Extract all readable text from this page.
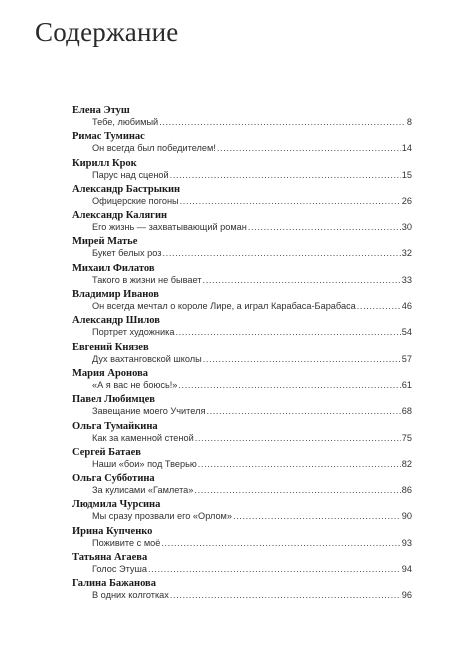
Содержание
Елена Этуш
Тебе, любимый .....	8
Римас Туминас
Он всегда был победителем! .....	14
Кирилл Крок
Парус над сценой .....	15
Александр Бастрыкин
Офицерские погоны .....	26
Александр Калягин
Его жизнь — захватывающий роман .....	30
Мирей Матье
Букет белых роз .....	32
Михаил Филатов
Такого в жизни не бывает .....	33
Владимир Иванов
Он всегда мечтал о короле Лире, а играл Карабаса-Барабаса .....	46
Александр Шилов
Портрет художника .....	54
Евгений Князев
Дух вахтанговской школы .....	57
Мария Аронова
«А я вас не боюсь!» .....	61
Павел Любимцев
Завещание моего Учителя .....	68
Ольга Тумайкина
Как за каменной стеной .....	75
Сергей Батаев
Наши «бои» под Тверью .....	82
Ольга Субботина
За кулисами «Гамлета» .....	86
Людмила Чурсина
Мы сразу прозвали его «Орлом» .....	90
Ирина Купченко
Поживите с моё .....	93
Татьяна Агаева
Голос Этуша .....	94
Галина Бажанова
В одних колготках .....	96
